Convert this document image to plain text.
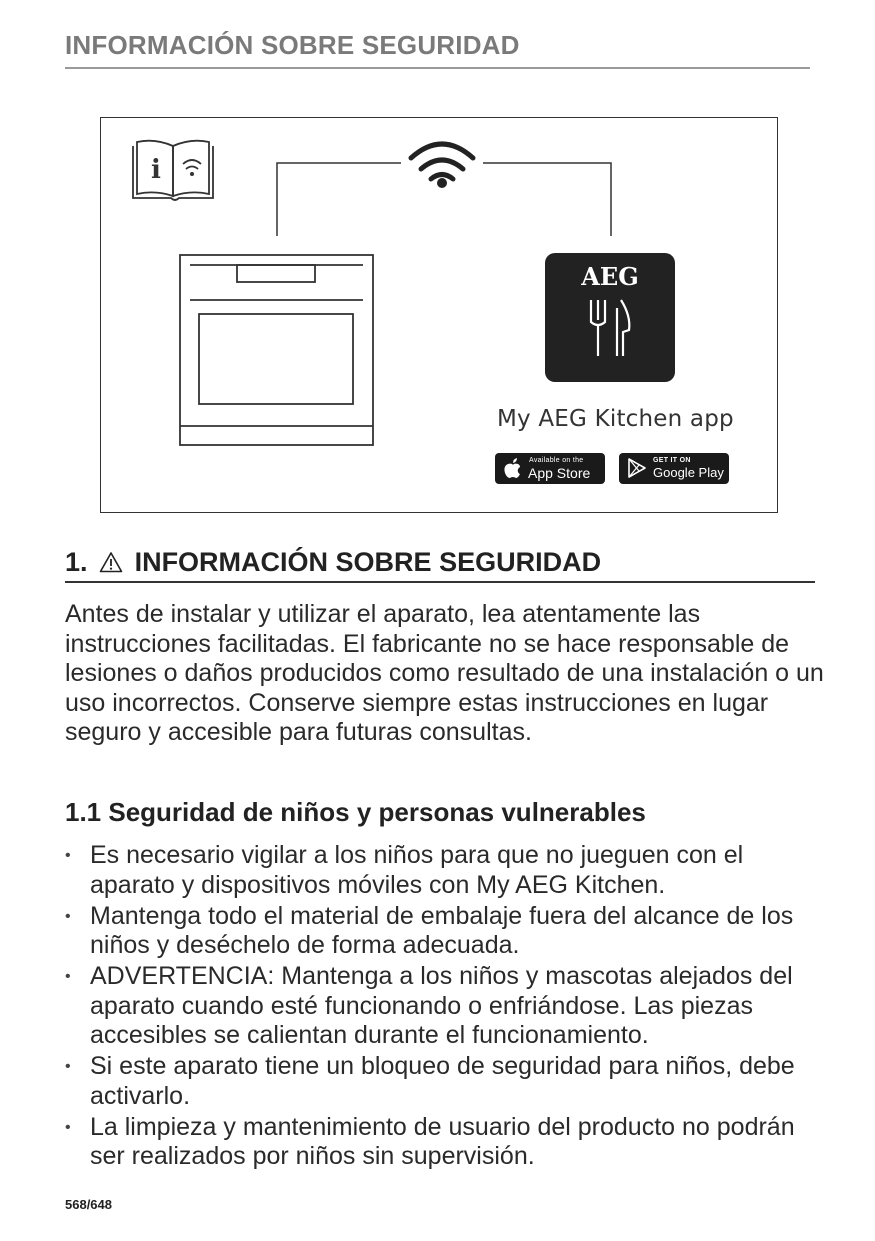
INFORMACIÓN SOBRE SEGURIDAD
i
AEG
My AEG Kitchen app
Available on the
App Store
GET IT ON
Google Play
1. INFORMACIÓN SOBRE SEGURIDAD

Antes de instalar y utilizar el aparato, lea atentamente las instrucciones facilitadas. El fabricante no se hace responsable de lesiones o daños producidos como resultado de una instalación o un uso incorrectos. Conserve siempre estas instrucciones en lugar seguro y accesible para futuras consultas.

1.1 Seguridad de niños y personas vulnerables
• Es necesario vigilar a los niños para que no jueguen con el aparato y dispositivos móviles con My AEG Kitchen.
• Mantenga todo el material de embalaje fuera del alcance de los niños y deséchelo de forma adecuada.
• ADVERTENCIA: Mantenga a los niños y mascotas alejados del aparato cuando esté funcionando o enfriándose. Las piezas accesibles se calientan durante el funcionamiento.
• Si este aparato tiene un bloqueo de seguridad para niños, debe activarlo.
• La limpieza y mantenimiento de usuario del producto no podrán ser realizados por niños sin supervisión.
568/648
